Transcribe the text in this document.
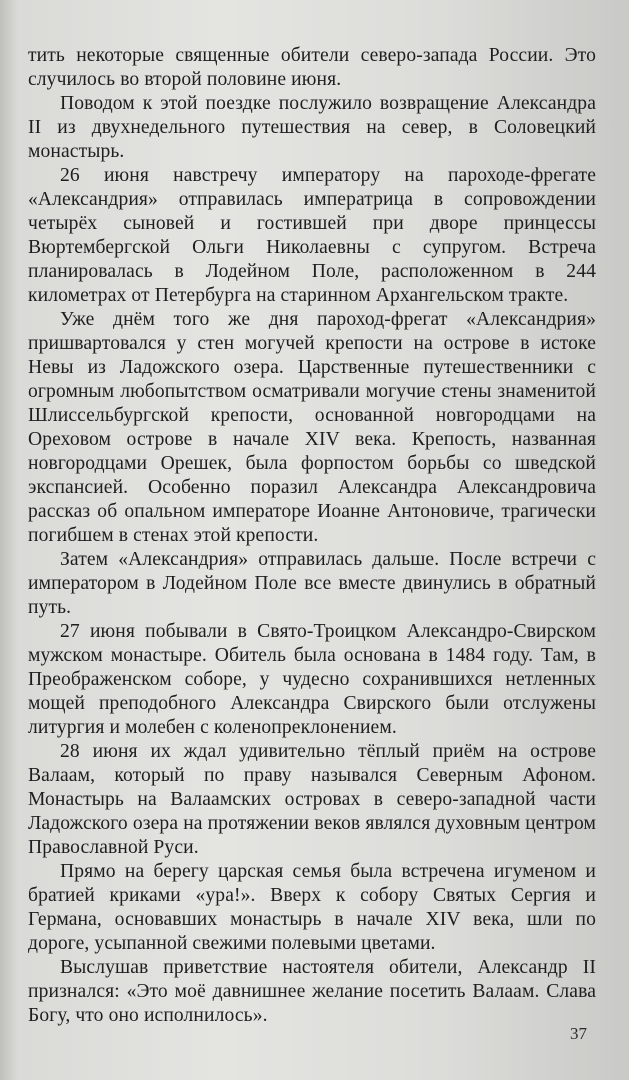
тить некоторые священные обители северо-запада России. Это случилось во второй половине июня.

Поводом к этой поездке послужило возвращение Александра II из двухнедельного путешествия на север, в Соловецкий монастырь.

26 июня навстречу императору на пароходе-фрегате «Александрия» отправилась императрица в сопровождении четырёх сыновей и гостившей при дворе принцессы Вюртембергской Ольги Николаевны с супругом. Встреча планировалась в Лодейном Поле, расположенном в 244 километрах от Петербурга на старинном Архангельском тракте.

Уже днём того же дня пароход-фрегат «Александрия» пришвартовался у стен могучей крепости на острове в истоке Невы из Ладожского озера. Царственные путешественники с огромным любопытством осматривали могучие стены знаменитой Шлиссельбургской крепости, основанной новгородцами на Ореховом острове в начале XIV века. Крепость, названная новгородцами Орешек, была форпостом борьбы со шведской экспансией. Особенно поразил Александра Александровича рассказ об опальном императоре Иоанне Антоновиче, трагически погибшем в стенах этой крепости.

Затем «Александрия» отправилась дальше. После встречи с императором в Лодейном Поле все вместе двинулись в обратный путь.

27 июня побывали в Свято-Троицком Александро-Свирском мужском монастыре. Обитель была основана в 1484 году. Там, в Преображенском соборе, у чудесно сохранившихся нетленных мощей преподобного Александра Свирского были отслужены литургия и молебен с коленопреклонением.

28 июня их ждал удивительно тёплый приём на острове Валаам, который по праву назывался Северным Афоном. Монастырь на Валаамских островах в северо-западной части Ладожского озера на протяжении веков являлся духовным центром Православной Руси.

Прямо на берегу царская семья была встречена игуменом и братией криками «ура!». Вверх к собору Святых Сергия и Германа, основавших монастырь в начале XIV века, шли по дороге, усыпанной свежими полевыми цветами.

Выслушав приветствие настоятеля обители, Александр II признался: «Это моё давнишнее желание посетить Валаам. Слава Богу, что оно исполнилось».

37
